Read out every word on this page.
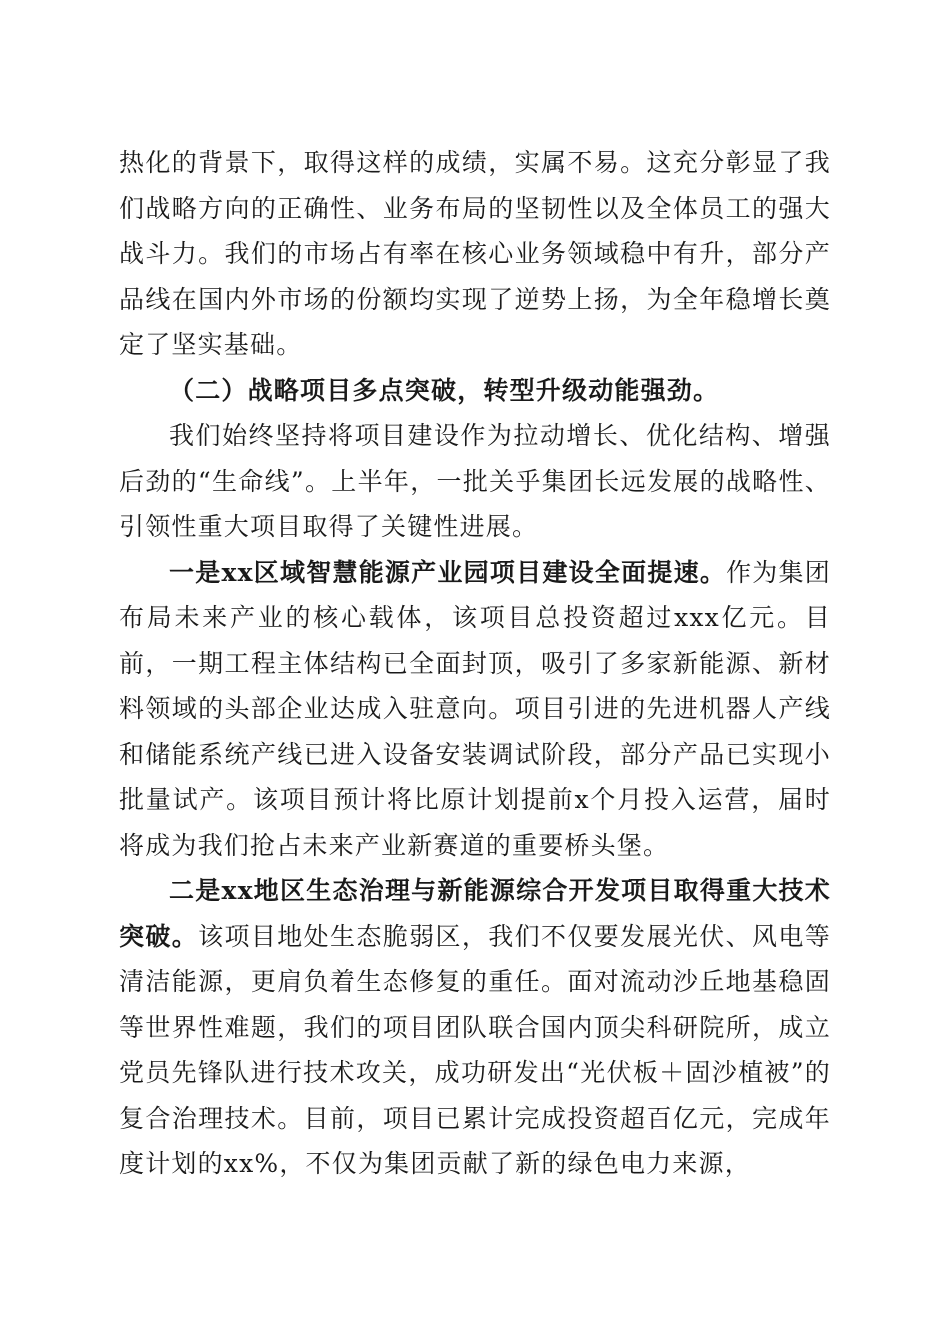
热化的背景下，取得这样的成绩，实属不易。这充分彰显了我们战略方向的正确性、业务布局的坚韧性以及全体员工的强大战斗力。我们的市场占有率在核心业务领域稳中有升，部分产品线在国内外市场的份额均实现了逆势上扬，为全年稳增长奠定了坚实基础。

（二）战略项目多点突破，转型升级动能强劲。

我们始终坚持将项目建设作为拉动增长、优化结构、增强后劲的“生命线”。上半年，一批关乎集团长远发展的战略性、引领性重大项目取得了关键性进展。

一是xx区域智慧能源产业园项目建设全面提速。作为集团布局未来产业的核心载体，该项目总投资超过xxx亿元。目前，一期工程主体结构已全面封顶，吸引了多家新能源、新材料领域的头部企业达成入驻意向。项目引进的先进机器人产线和储能系统产线已进入设备安装调试阶段，部分产品已实现小批量试产。该项目预计将比原计划提前x个月投入运营，届时将成为我们抢占未来产业新赛道的重要桥头堡。

二是xx地区生态治理与新能源综合开发项目取得重大技术突破。该项目地处生态脆弱区，我们不仅要发展光伏、风电等清洁能源，更肩负着生态修复的重任。面对流动沙丘地基稳固等世界性难题，我们的项目团队联合国内顶尖科研院所，成立党员先锋队进行技术攻关，成功研发出“光伏板＋固沙植被”的复合治理技术。目前，项目已累计完成投资超百亿元，完成年度计划的xx%，不仅为集团贡献了新的绿色电力来源，
